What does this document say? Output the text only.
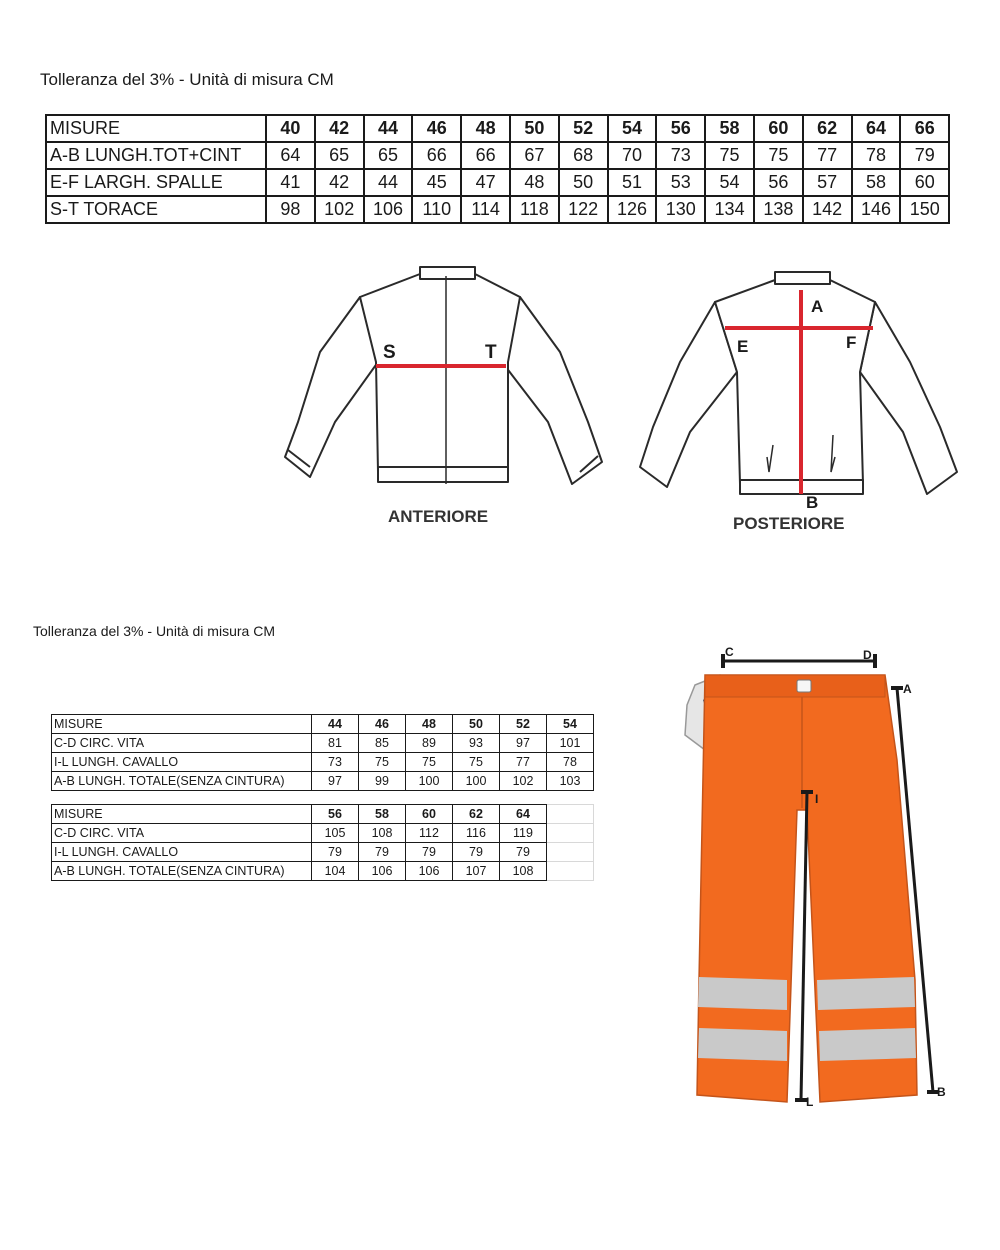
Tolleranza del 3% - Unità di misura CM
MISURE	40	42	44	46	48	50	52	54	56	58	60	62	64	66
A-B LUNGH.TOT+CINT	64	65	65	66	66	67	68	70	73	75	75	77	78	79
E-F LARGH. SPALLE	41	42	44	45	47	48	50	51	53	54	56	57	58	60
S-T TORACE	98	102	106	110	114	118	122	126	130	134	138	142	146	150
S	T
ANTERIORE
A
B
E	F
POSTERIORE
Tolleranza del 3% - Unità di misura CM
MISURE	44	46	48	50	52	54
C-D CIRC. VITA	81	85	89	93	97	101
I-L LUNGH. CAVALLO	73	75	75	75	77	78
A-B LUNGH. TOTALE(SENZA CINTURA)	97	99	100	100	102	103
MISURE	56	58	60	62	64	
C-D CIRC. VITA	105	108	112	116	119	
I-L LUNGH. CAVALLO	79	79	79	79	79	
A-B LUNGH. TOTALE(SENZA CINTURA)	104	106	106	107	108	
C	D
A
B
I
L
